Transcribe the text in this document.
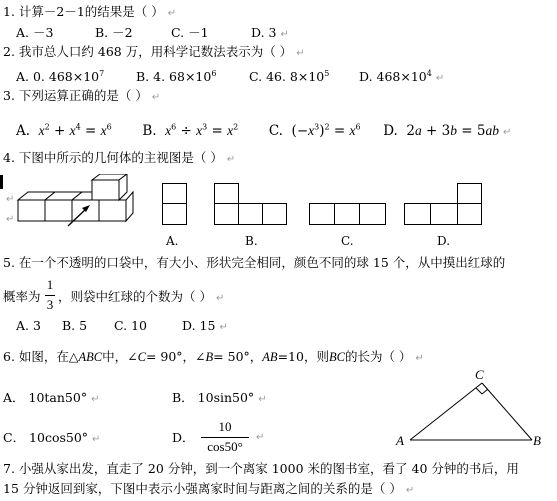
1. 计算－2－1的结果是（ ） ↵
A. －3	B. －2	C. －1	D. 3 ↵
2. 我市总人口约 468 万，用科学记数法表示为（ ） ↵
A. 0. $468\times 10^7$	B. 4. $68\times 10^6$	C. 46. $8\times 10^5$ D. $468\times 10^4$ ↵
3. 下列运算正确的是（ ） ↵
A. $x^2 + x^4 = x^6$ B. $x^6 \div x^3 = x^2$ C.  $(-x^3)^2 = x^6$ D.  2a + 3b = 5ab ↵
4. 下图中所示的几何体的主视图是（ ） ↵
↵
↵
A.	B.	C.	D.
5. 在一个不透明的口袋中，有大小、形状完全相同，颜色不同的球 15 个，从中摸出红球的
概率为
1
3
，则袋中红球的个数为（ ） ↵
A. 3 B. 5 C. 10	D. 15 ↵
6. 如图，在△ABC中，∠C= 90°，∠B= 50°，AB=10，则BC的长为（ ） ↵
A． 10tan50° ↵	B． 10sin50° ↵
C． 10cos50° ↵	D．
10
cos50°
↵	A	B
C
7. 小强从家出发，直走了 20 分钟，到一个离家 1000 米的图书室，看了 40 分钟的书后，用
15 分钟返回到家，下图中表示小强离家时间与距离之间的关系的是（ ） ↵
